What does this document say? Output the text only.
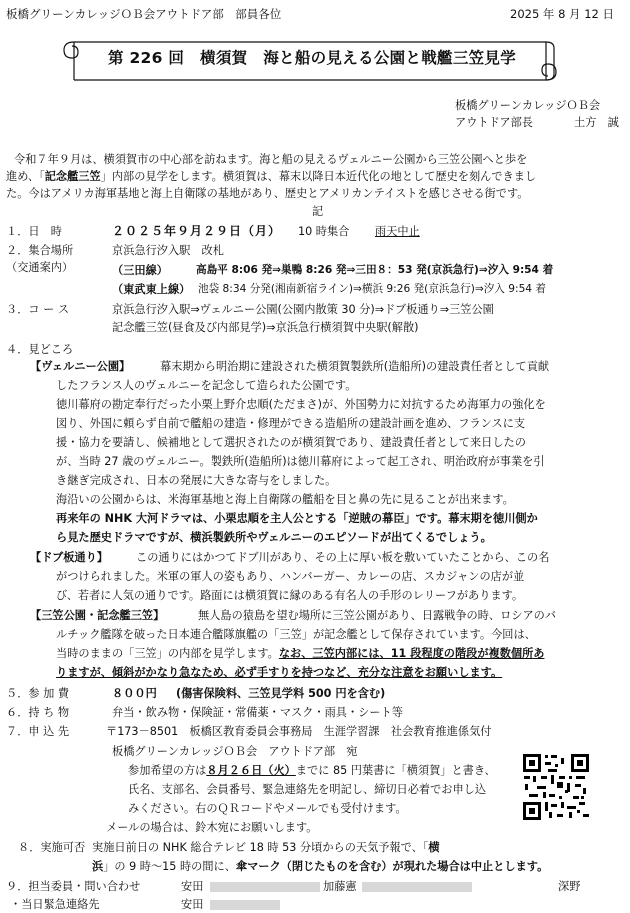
板橋グリーンカレッジＯＢ会アウトドア部　部員各位	2025 年 8 月 12 日
第 226 回　横須賀　海と船の見える公園と戦艦三笠見学
板橋グリーンカレッジＯＢ会
アウトドア部長	土方　誠
令和７年９月は、横須賀市の中心部を訪ねます。海と船の見えるヴェルニー公園から三笠公園へと歩を
進め、「記念艦三笠」内部の見学をします。横須賀は、幕末以降日本近代化の地として歴史を刻んできまし
た。今はアメリカ海軍基地と海上自衛隊の基地があり、歴史とアメリカンテイストを感じさせる街です。
記
１．日　時	２０２５年９月２９日（月） 10 時集合 雨天中止
２．集合場所	京浜急行汐入駅　改札
（交通案内）	（三田線）	高島平 8:06 発⇒巣鴨 8:26 発⇒三田８：53 発(京浜急行)⇒汐入 9:54 着
（東武東上線） 池袋 8:34 分発(湘南新宿ライン)⇒横浜 9:26 発(京浜急行)⇒汐入 9:54 着
３．コ ー ス	京浜急行汐入駅⇒ヴェルニー公園(公園内散策 30 分)⇒ドブ板通り⇒三笠公園
記念艦三笠(昼食及び内部見学)⇒京浜急行横須賀中央駅(解散)
４．見どころ
【ヴェルニー公園】	幕末期から明治期に建設された横須賀製鉄所(造船所)の建設責任者として貢献
したフランス人のヴェルニーを記念して造られた公園です。
徳川幕府の勘定奉行だった小栗上野介忠順(ただまさ)が、外国勢力に対抗するため海軍力の強化を
図り、外国に頼らず自前で艦船の建造・修理ができる造船所の建設計画を進め、フランスに支
援・協力を要請し、候補地として選択されたのが横須賀であり、建設責任者として来日したの
が、当時 27 歳のヴェルニー。製鉄所(造船所)は徳川幕府によって起工され、明治政府が事業を引
き継ぎ完成され、日本の発展に大きな寄与をしました。
海沿いの公園からは、米海軍基地と海上自衛隊の艦船を目と鼻の先に見ることが出来ます。
再来年の NHK 大河ドラマは、小栗忠順を主人公とする「逆賊の幕臣」です。幕末期を徳川側か
ら見た歴史ドラマですが、横浜製鉄所やヴェルニーのエピソードが出てくるでしょう。
【ドブ板通り】	この通りにはかつてドブ川があり、その上に厚い板を敷いていたことから、この名
がつけられました。米軍の軍人の姿もあり、ハンバーガー、カレーの店、スカジャンの店が並
び、若者に人気の通りです。路面には横須賀に縁のある有名人の手形のレリーフがあります。
【三笠公園・記念艦三笠】	無人島の猿島を望む場所に三笠公園があり、日露戦争の時、ロシアのバ
ルチック艦隊を破った日本連合艦隊旗艦の「三笠」が記念艦として保存されています。今回は、
当時のままの「三笠」の内部を見学します。なお、三笠内部には、11 段程度の階段が複数個所あ
りますが、傾斜がかなり急なため、必ず手すりを持つなど、充分な注意をお願いします。
５．参 加 費	８００円 (傷害保険料、三笠見学料 500 円を含む)
６．持 ち 物	弁当・飲み物・保険証・常備薬・マスク・雨具・シート等
７．申 込 先	〒173－8501　板橋区教育委員会事務局　生涯学習課　社会教育推進係気付
板橋グリーンカレッジＯＢ会　アウトドア部　宛
参加希望の方は８月２６日（火）までに 85 円葉書に「横須賀」と書き、
氏名、支部名、会員番号、緊急連絡先を明記し、締切日必着でお申し込
みください。右のＱＲコードやメールでも受付けます。
メールの場合は、鈴木宛にお願いします。
８．実施可否 実施日前日の NHK 総合テレビ 18 時 53 分頃からの天気予報で、「横
浜」の 9 時～15 時の間に、傘マーク（閉じたものを含む）が現れた場合は中止とします。
９．担当委員・問い合わせ	安田	加藤憲	深野
・当日緊急連絡先	安田
